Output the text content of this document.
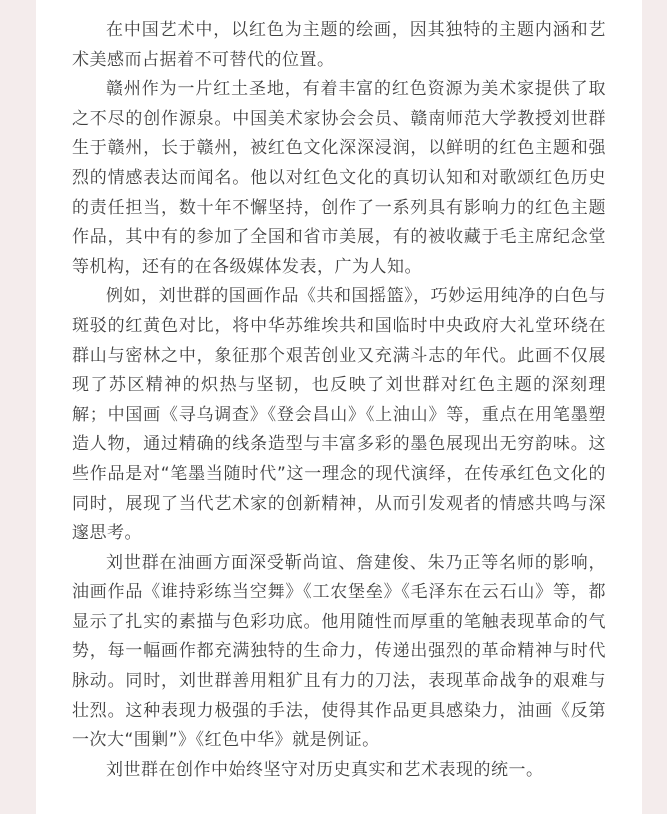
在中国艺术中，以红色为主题的绘画，因其独特的主题内涵和艺术美感而占据着不可替代的位置。

赣州作为一片红土圣地，有着丰富的红色资源为美术家提供了取之不尽的创作源泉。中国美术家协会会员、赣南师范大学教授刘世群生于赣州，长于赣州，被红色文化深深浸润，以鲜明的红色主题和强烈的情感表达而闻名。他以对红色文化的真切认知和对歌颂红色历史的责任担当，数十年不懈坚持，创作了一系列具有影响力的红色主题作品，其中有的参加了全国和省市美展，有的被收藏于毛主席纪念堂等机构，还有的在各级媒体发表，广为人知。

例如，刘世群的国画作品《共和国摇篮》，巧妙运用纯净的白色与斑驳的红黄色对比，将中华苏维埃共和国临时中央政府大礼堂环绕在群山与密林之中，象征那个艰苦创业又充满斗志的年代。此画不仅展现了苏区精神的炽热与坚韧，也反映了刘世群对红色主题的深刻理解；中国画《寻乌调查》《登会昌山》《上油山》等，重点在用笔墨塑造人物，通过精确的线条造型与丰富多彩的墨色展现出无穷韵味。这些作品是对“笔墨当随时代”这一理念的现代演绎，在传承红色文化的同时，展现了当代艺术家的创新精神，从而引发观者的情感共鸣与深邃思考。

刘世群在油画方面深受靳尚谊、詹建俊、朱乃正等名师的影响，油画作品《谁持彩练当空舞》《工农堡垒》《毛泽东在云石山》等，都显示了扎实的素描与色彩功底。他用随性而厚重的笔触表现革命的气势，每一幅画作都充满独特的生命力，传递出强烈的革命精神与时代脉动。同时，刘世群善用粗犷且有力的刀法，表现革命战争的艰难与壮烈。这种表现力极强的手法，使得其作品更具感染力，油画《反第一次大“围剿”》《红色中华》就是例证。

刘世群在创作中始终坚守对历史真实和艺术表现的统一。
